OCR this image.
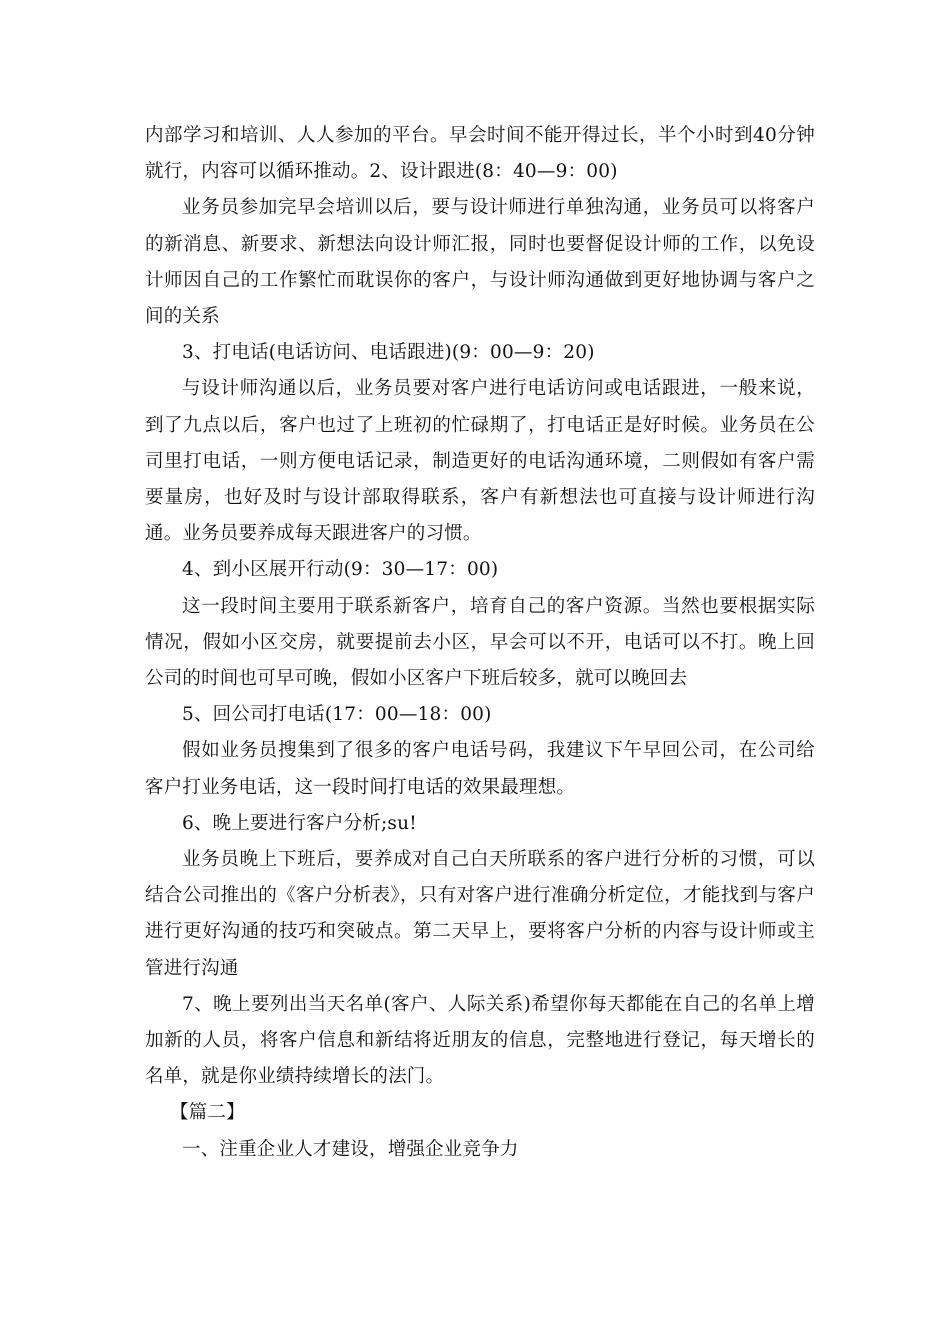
内部学习和培训、人人参加的平台。早会时间不能开得过长，半个小时到40分钟就行，内容可以循环推动。2、设计跟进(8：40—9：00)

业务员参加完早会培训以后，要与设计师进行单独沟通，业务员可以将客户的新消息、新要求、新想法向设计师汇报，同时也要督促设计师的工作，以免设计师因自己的工作繁忙而耽误你的客户，与设计师沟通做到更好地协调与客户之间的关系

3、打电话(电话访问、电话跟进)(9：00—9：20)

与设计师沟通以后，业务员要对客户进行电话访问或电话跟进，一般来说，到了九点以后，客户也过了上班初的忙碌期了，打电话正是好时候。业务员在公司里打电话，一则方便电话记录，制造更好的电话沟通环境，二则假如有客户需要量房，也好及时与设计部取得联系，客户有新想法也可直接与设计师进行沟通。业务员要养成每天跟进客户的习惯。

4、到小区展开行动(9：30—17：00)

这一段时间主要用于联系新客户，培育自己的客户资源。当然也要根据实际情况，假如小区交房，就要提前去小区，早会可以不开，电话可以不打。晚上回公司的时间也可早可晚，假如小区客户下班后较多，就可以晚回去

5、回公司打电话(17：00—18：00)

假如业务员搜集到了很多的客户电话号码，我建议下午早回公司，在公司给客户打业务电话，这一段时间打电话的效果最理想。

6、晚上要进行客户分析;su!

业务员晚上下班后，要养成对自己白天所联系的客户进行分析的习惯，可以结合公司推出的《客户分析表》，只有对客户进行准确分析定位，才能找到与客户进行更好沟通的技巧和突破点。第二天早上，要将客户分析的内容与设计师或主管进行沟通

7、晚上要列出当天名单(客户、人际关系)希望你每天都能在自己的名单上增加新的人员，将客户信息和新结将近朋友的信息，完整地进行登记，每天增长的名单，就是你业绩持续增长的法门。

【篇二】

一、注重企业人才建设，增强企业竞争力
